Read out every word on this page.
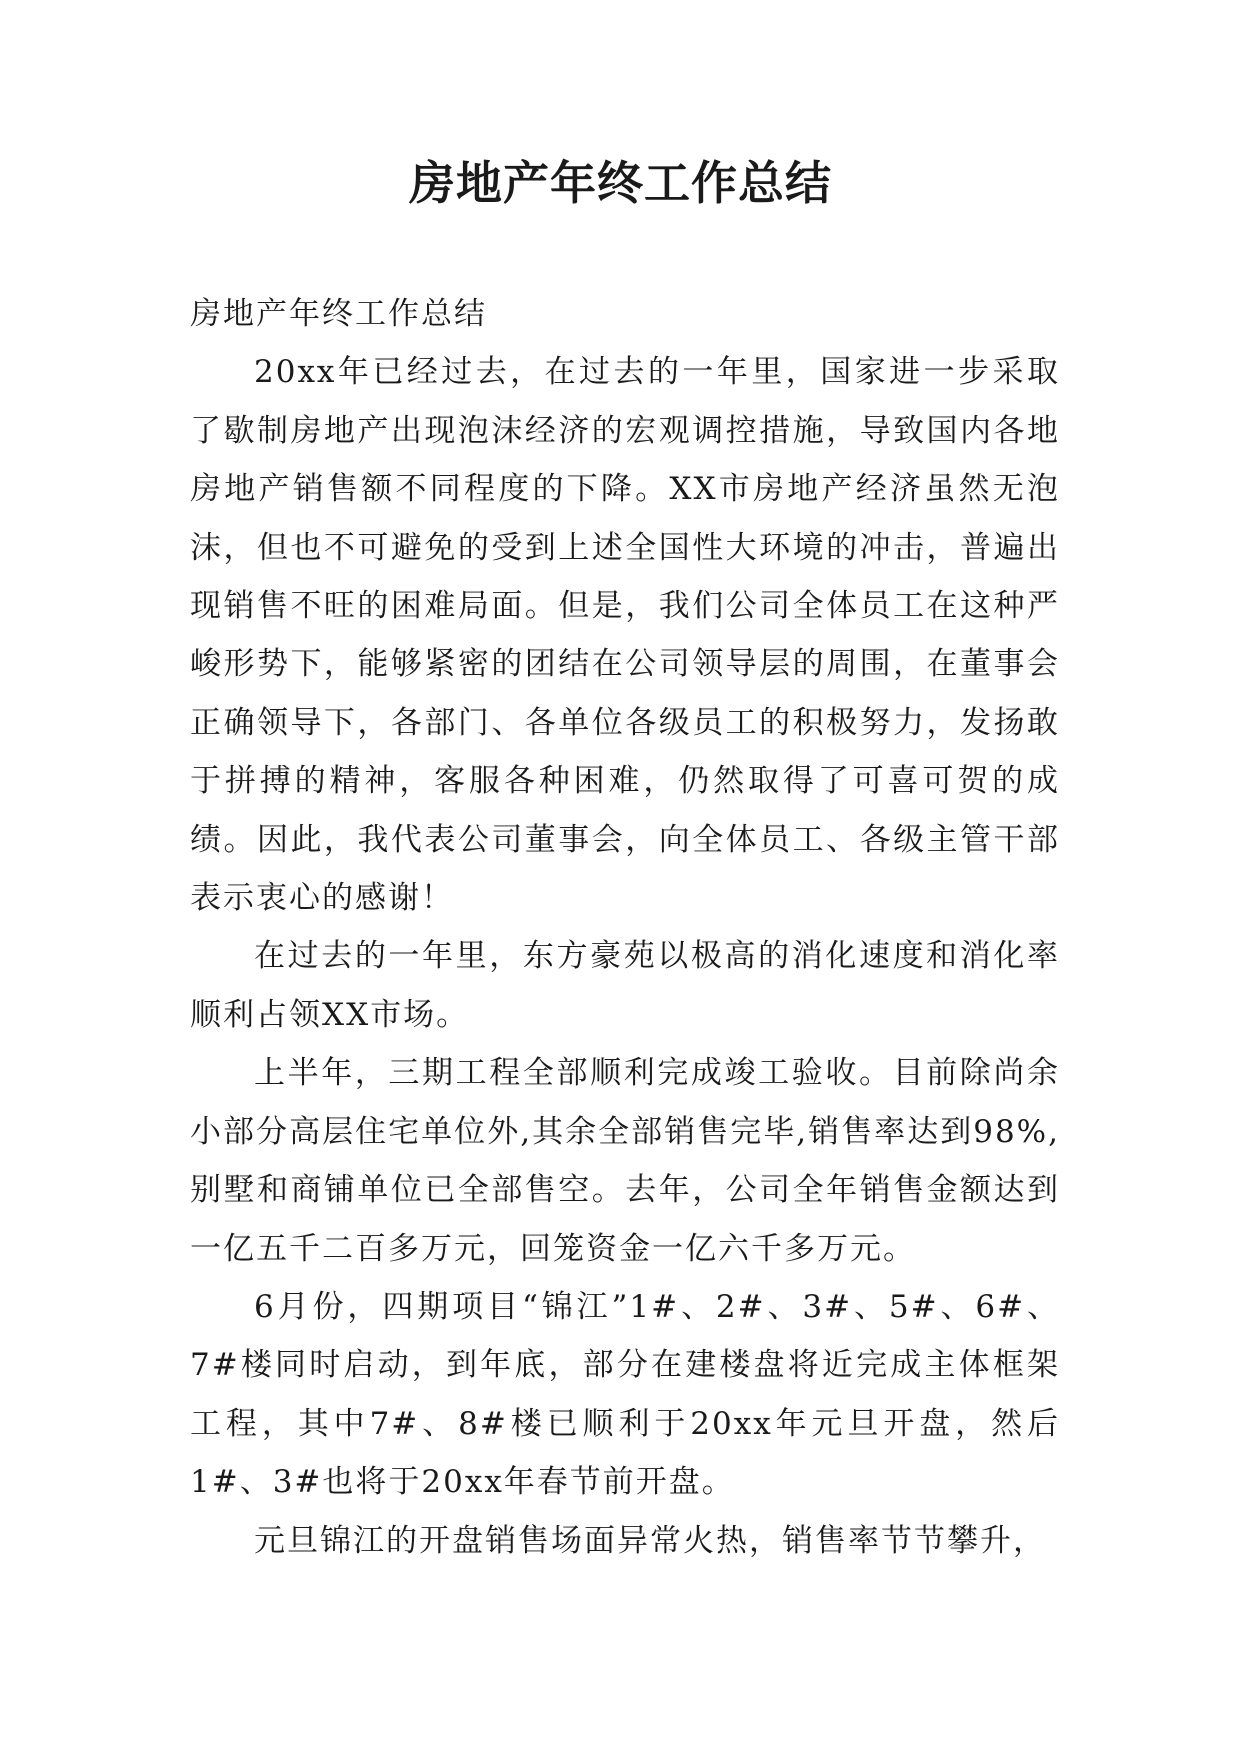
房地产年终工作总结

房地产年终工作总结

20xx年已经过去，在过去的一年里，国家进一步采取了歇制房地产出现泡沫经济的宏观调控措施，导致国内各地房地产销售额不同程度的下降。XX市房地产经济虽然无泡沫，但也不可避免的受到上述全国性大环境的冲击，普遍出现销售不旺的困难局面。但是，我们公司全体员工在这种严峻形势下，能够紧密的团结在公司领导层的周围，在董事会正确领导下，各部门、各单位各级员工的积极努力，发扬敢于拼搏的精神，客服各种困难，仍然取得了可喜可贺的成绩。因此，我代表公司董事会，向全体员工、各级主管干部表示衷心的感谢！

在过去的一年里，东方豪苑以极高的消化速度和消化率顺利占领XX市场。

上半年，三期工程全部顺利完成竣工验收。目前除尚余小部分高层住宅单位外,其余全部销售完毕,销售率达到98%,别墅和商铺单位已全部售空。去年，公司全年销售金额达到一亿五千二百多万元，回笼资金一亿六千多万元。

6月份，四期项目“锦江”1#、2#、3#、5#、6#、7#楼同时启动，到年底，部分在建楼盘将近完成主体框架工程，其中7#、8#楼已顺利于20xx年元旦开盘，然后1#、3#也将于20xx年春节前开盘。

元旦锦江的开盘销售场面异常火热，销售率节节攀升，
